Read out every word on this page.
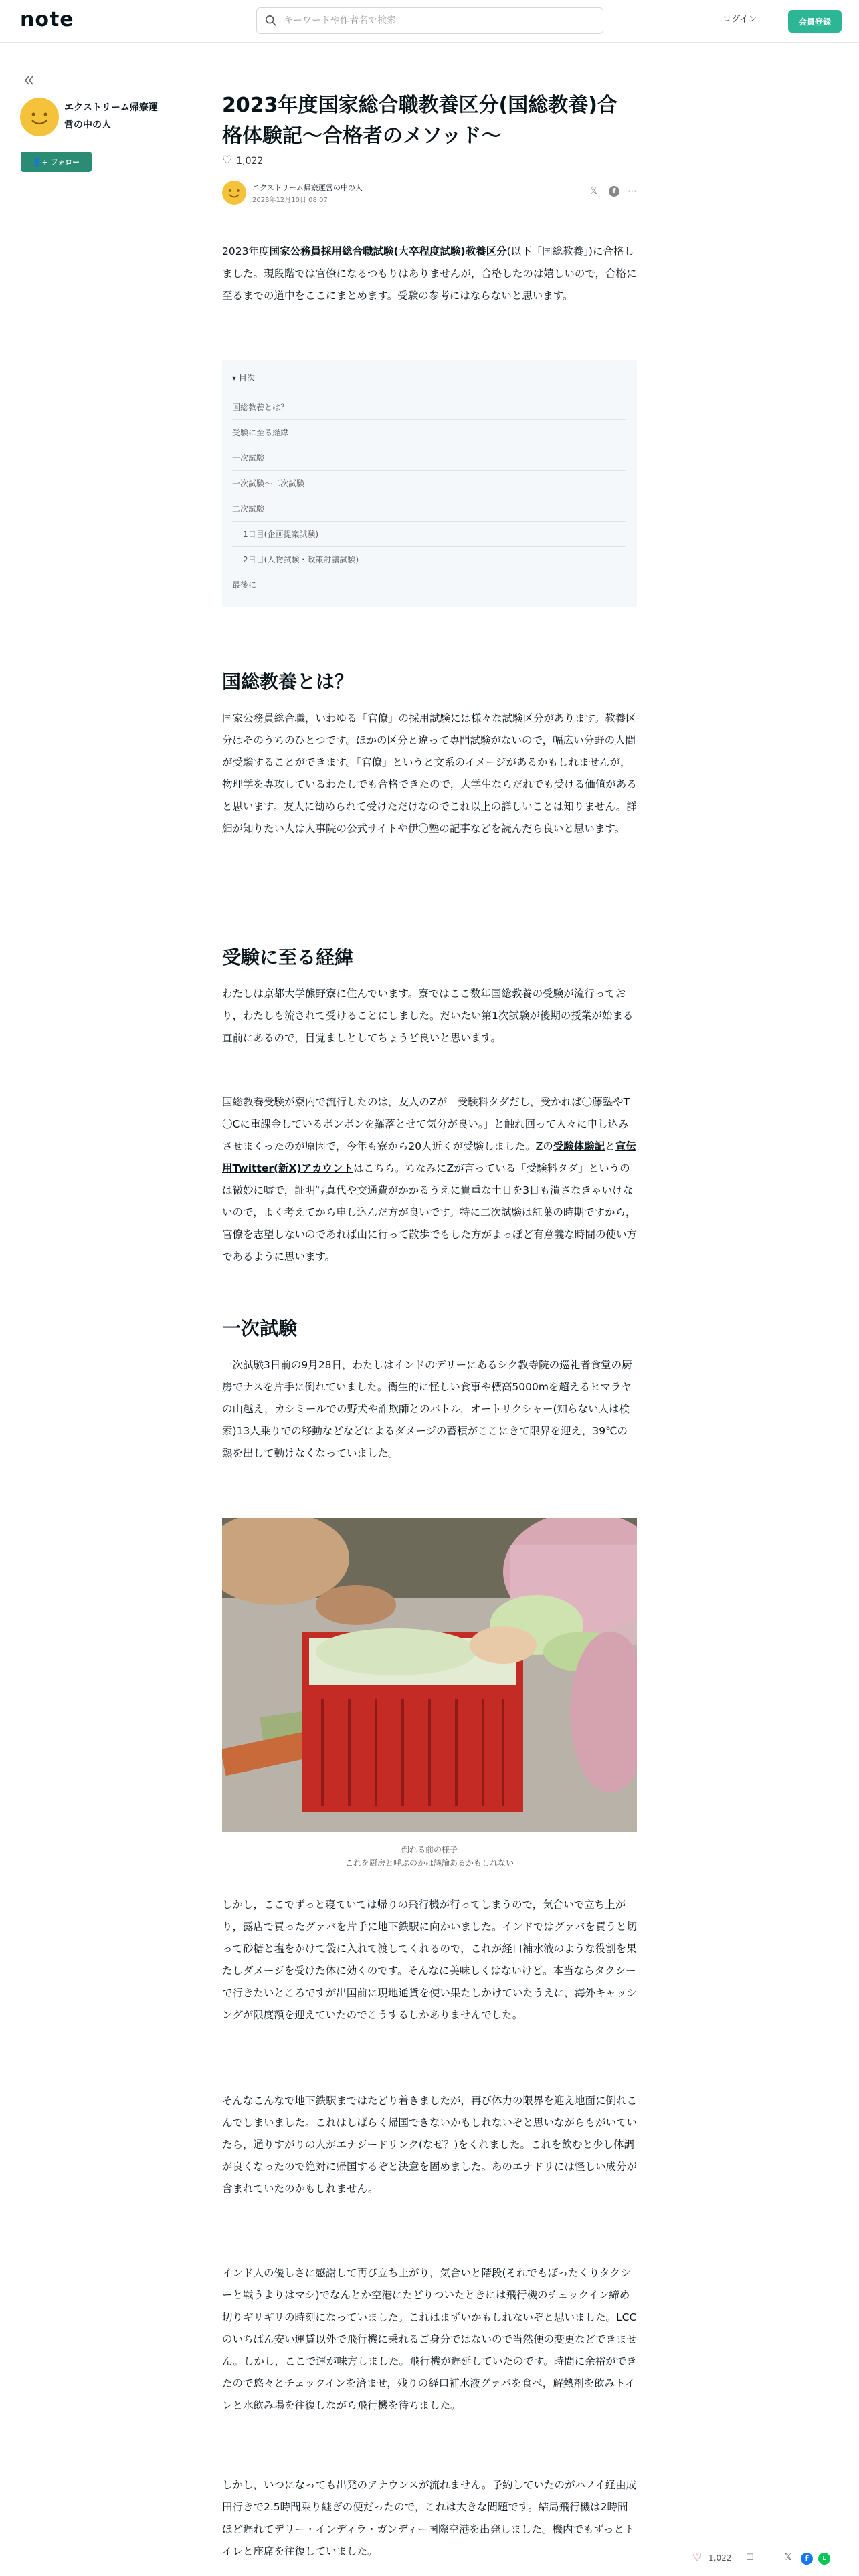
note
キーワードや作者名で検索	ログイン	会員登録
エクストリーム帰寮運営の中の人
👤+ フォロー
2023年度国家総合職教養区分(国総教養)合格体験記〜合格者のメソッド〜
♡ 1,022
エクストリーム帰寮運営の中の人
2023年12月10日 08:07
𝕏	f	⋯

2023年度国家公務員採用総合職試験(大卒程度試験)教養区分(以下「国総教養」)に合格しました。現段階では官僚になるつもりはありませんが，合格したのは嬉しいので，合格に至るまでの道中をここにまとめます。受験の参考にはならないと思います。

▾ 目次
国総教養とは？
受験に至る経緯
一次試験
一次試験〜二次試験
二次試験
1日目(企画提案試験)
2日目(人物試験・政策討議試験)
最後に
国総教養とは？

国家公務員総合職，いわゆる「官僚」の採用試験には様々な試験区分があります。教養区分はそのうちのひとつです。ほかの区分と違って専門試験がないので，幅広い分野の人間が受験することができます。「官僚」というと文系のイメージがあるかもしれませんが，物理学を専攻しているわたしでも合格できたので，大学生ならだれでも受ける価値があると思います。友人に勧められて受けただけなのでこれ以上の詳しいことは知りません。詳細が知りたい人は人事院の公式サイトや伊〇塾の記事などを読んだら良いと思います。

受験に至る経緯

わたしは京都大学熊野寮に住んでいます。寮ではここ数年国総教養の受験が流行っており，わたしも流されて受けることにしました。だいたい第1次試験が後期の授業が始まる直前にあるので，目覚ましとしてちょうど良いと思います。

国総教養受験が寮内で流行したのは，友人のZが「受験料タダだし，受かれば〇藤塾やT〇Cに重課金しているボンボンを羅落とせて気分が良い。」と触れ回って人々に申し込みさせまくったのが原因で，今年も寮から20人近くが受験しました。Zの受験体験記と宣伝用Twitter(新X)アカウントはこちら。ちなみにZが言っている「受験料タダ」というのは微妙に嘘で，証明写真代や交通費がかかるうえに貴重な土日を3日も潰さなきゃいけないので，よく考えてから申し込んだ方が良いです。特に二次試験は紅葉の時期ですから，官僚を志望しないのであれば山に行って散歩でもした方がよっぽど有意義な時間の使い方であるように思います。

一次試験

一次試験3日前の9月28日，わたしはインドのデリーにあるシク教寺院の巡礼者食堂の厨房でナスを片手に倒れていました。衛生的に怪しい食事や標高5000mを超えるヒマラヤの山越え，カシミールでの野犬や詐欺師とのバトル，オートリクシャー(知らない人は検索)13人乗りでの移動などなどによるダメージの蓄積がここにきて限界を迎え，39℃の熱を出して動けなくなっていました。

倒れる前の様子
これを厨房と呼ぶのかは議論あるかもしれない

しかし，ここでずっと寝ていては帰りの飛行機が行ってしまうので，気合いで立ち上がり，露店で買ったグァバを片手に地下鉄駅に向かいました。インドではグァバを買うと切って砂糖と塩をかけて袋に入れて渡してくれるので，これが経口補水液のような役割を果たしダメージを受けた体に効くのです。そんなに美味しくはないけど。本当ならタクシーで行きたいところですが出国前に現地通貨を使い果たしかけていたうえに，海外キャッシングが限度額を迎えていたのでこうするしかありませんでした。

そんなこんなで地下鉄駅まではたどり着きましたが，再び体力の限界を迎え地面に倒れこんでしまいました。これはしばらく帰国できないかもしれないぞと思いながらもがいていたら，通りすがりの人がエナジードリンク(なぜ？)をくれました。これを飲むと少し体調が良くなったので絶対に帰国するぞと決意を固めました。あのエナドリには怪しい成分が含まれていたのかもしれません。

インド人の優しさに感謝して再び立ち上がり，気合いと階段(それでもぼったくりタクシーと戦うよりはマシ)でなんとか空港にたどりついたときには飛行機のチェックイン締め切りギリギリの時刻になっていました。これはまずいかもしれないぞと思いました。LCCのいちばん安い運賃以外で飛行機に乗れるご身分ではないので当然便の変更などできません。しかし，ここで運が味方しました。飛行機が遅延していたのです。時間に余裕ができたので悠々とチェックインを済ませ，残りの経口補水液グァバを食べ，解熱剤を飲みトイレと水飲み場を往復しながら飛行機を待ちました。

しかし，いつになっても出発のアナウンスが流れません。予約していたのがハノイ経由成田行きで2.5時間乗り継ぎの便だったので，これは大きな問題です。結局飛行機は2時間ほど遅れてデリー・インディラ・ガンディー国際空港を出発しました。機内でもずっとトイレと座席を往復していました。	♡ 1,022 ☐	𝕏	f	L
